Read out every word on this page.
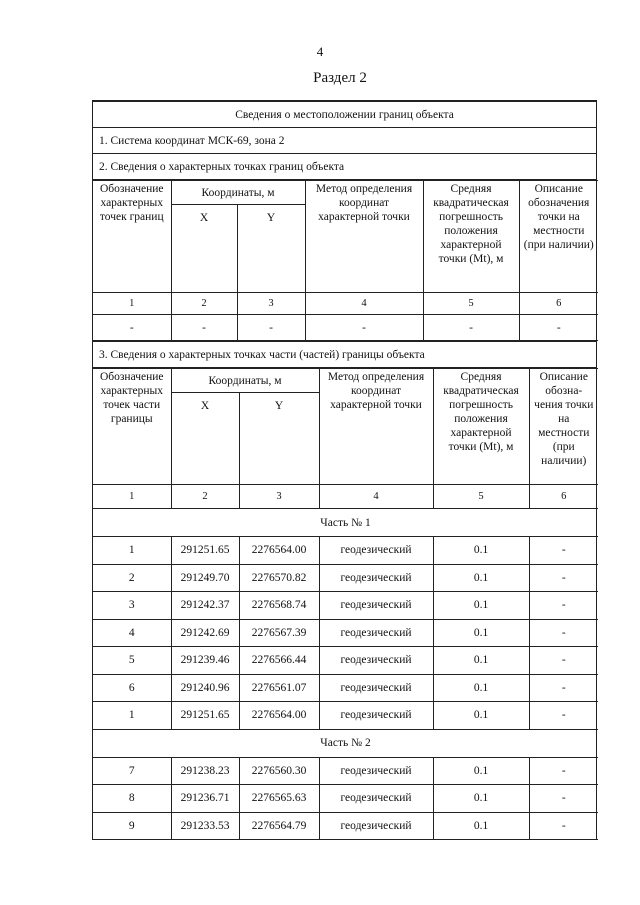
4
Раздел 2
Сведения о местоположении границ объекта
1. Система координат МСК-69, зона 2
2. Сведения о характерных точках границ объекта
Обозначение характерных точек границ	Координаты, м		Метод определения координат характерной точки	Средняя квадратическая погрешность положения характерной точки (Mt), м	Описание обозначения точки на местности (при наличии)
	X	Y			
1	2	3	4	5	6
-	-	-	-	-	-
3. Сведения о характерных точках части (частей) границы объекта
Обозначение характерных точек части границы	Координаты, м		Метод определения координат характерной точки	Средняя квадратическая погрешность положения характерной точки (Mt), м	Описание обозна-чения точки на местности (при наличии)
	X	Y			
1	2	3	4	5	6
Часть № 1					
1	291251.65	2276564.00	геодезический	0.1	-
2	291249.70	2276570.82	геодезический	0.1	-
3	291242.37	2276568.74	геодезический	0.1	-
4	291242.69	2276567.39	геодезический	0.1	-
5	291239.46	2276566.44	геодезический	0.1	-
6	291240.96	2276561.07	геодезический	0.1	-
1	291251.65	2276564.00	геодезический	0.1	-
Часть № 2					
7	291238.23	2276560.30	геодезический	0.1	-
8	291236.71	2276565.63	геодезический	0.1	-
9	291233.53	2276564.79	геодезический	0.1	-
